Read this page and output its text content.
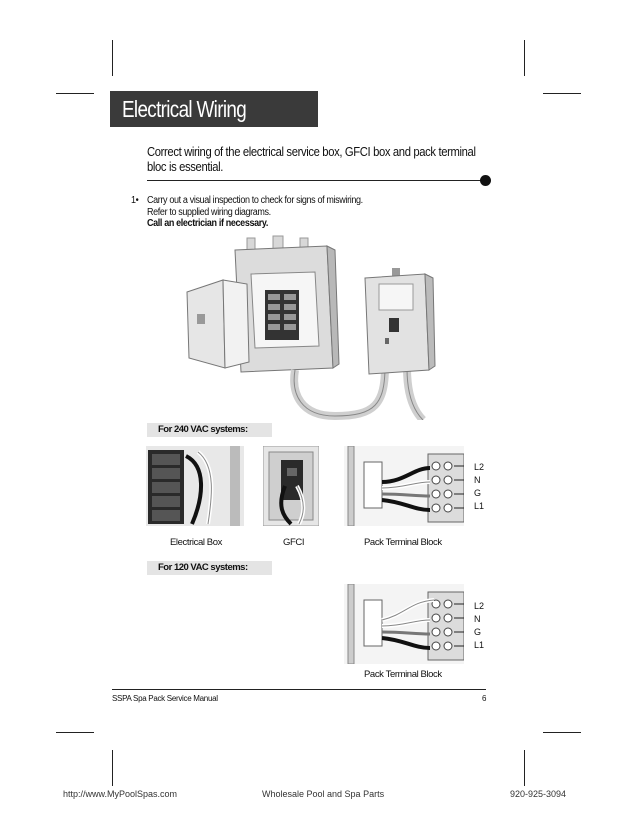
Electrical Wiring
Correct wiring of the electrical service box, GFCI box and pack terminal bloc is essential.
1• Carry out a visual inspection to check for signs of miswiring.
Refer to supplied wiring diagrams.
Call an electrician if necessary.
For 240 VAC systems:
L2
N
G
L1
Electrical Box	GFCI	Pack Terminal Block
For 120 VAC systems:
L2
N
G
L1
Pack Terminal Block
SSPA Spa Pack Service Manual	6
http://www.MyPoolSpas.com	Wholesale Pool and Spa Parts	920-925-3094
